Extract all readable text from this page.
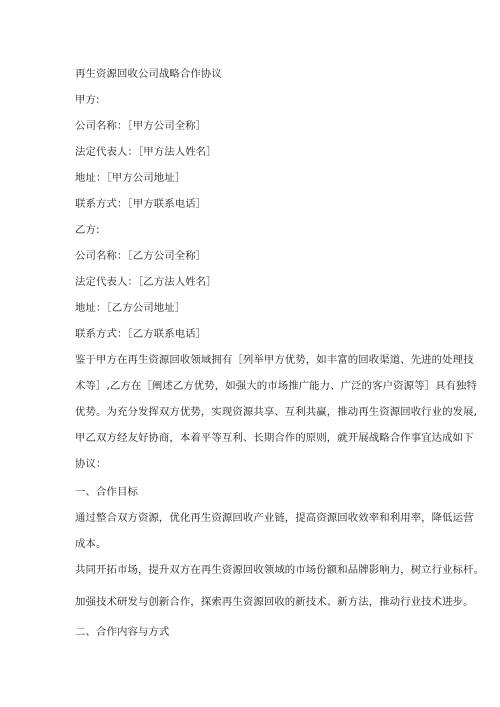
再生资源回收公司战略合作协议
甲方:
公司名称：［甲方公司全称］
法定代表人：［甲方法人姓名］
地址：［甲方公司地址］
联系方式：［甲方联系电话］
乙方:
公司名称：［乙方公司全称］
法定代表人：［乙方法人姓名］
地址：［乙方公司地址］
联系方式：［乙方联系电话］
鉴于甲方在再生资源回收领域拥有［列举甲方优势，如丰富的回收渠道、先进的处理技
术等］,乙方在［阐述乙方优势，如强大的市场推广能力、广泛的客户资源等］具有独特
优势。为充分发挥双方优势，实现资源共享、互利共赢，推动再生资源回收行业的发展,
甲乙双方经友好协商，本着平等互利、长期合作的原则，就开展战略合作事宜达成如下
协议：
一、合作目标
通过整合双方资源，优化再生资源回收产业链，提高资源回收效率和利用率，降低运营
成本。
共同开拓市场，提升双方在再生资源回收领域的市场份额和品牌影响力，树立行业标杆。
加强技术研发与创新合作，探索再生资源回收的新技术、新方法，推动行业技术进步。
二、合作内容与方式
